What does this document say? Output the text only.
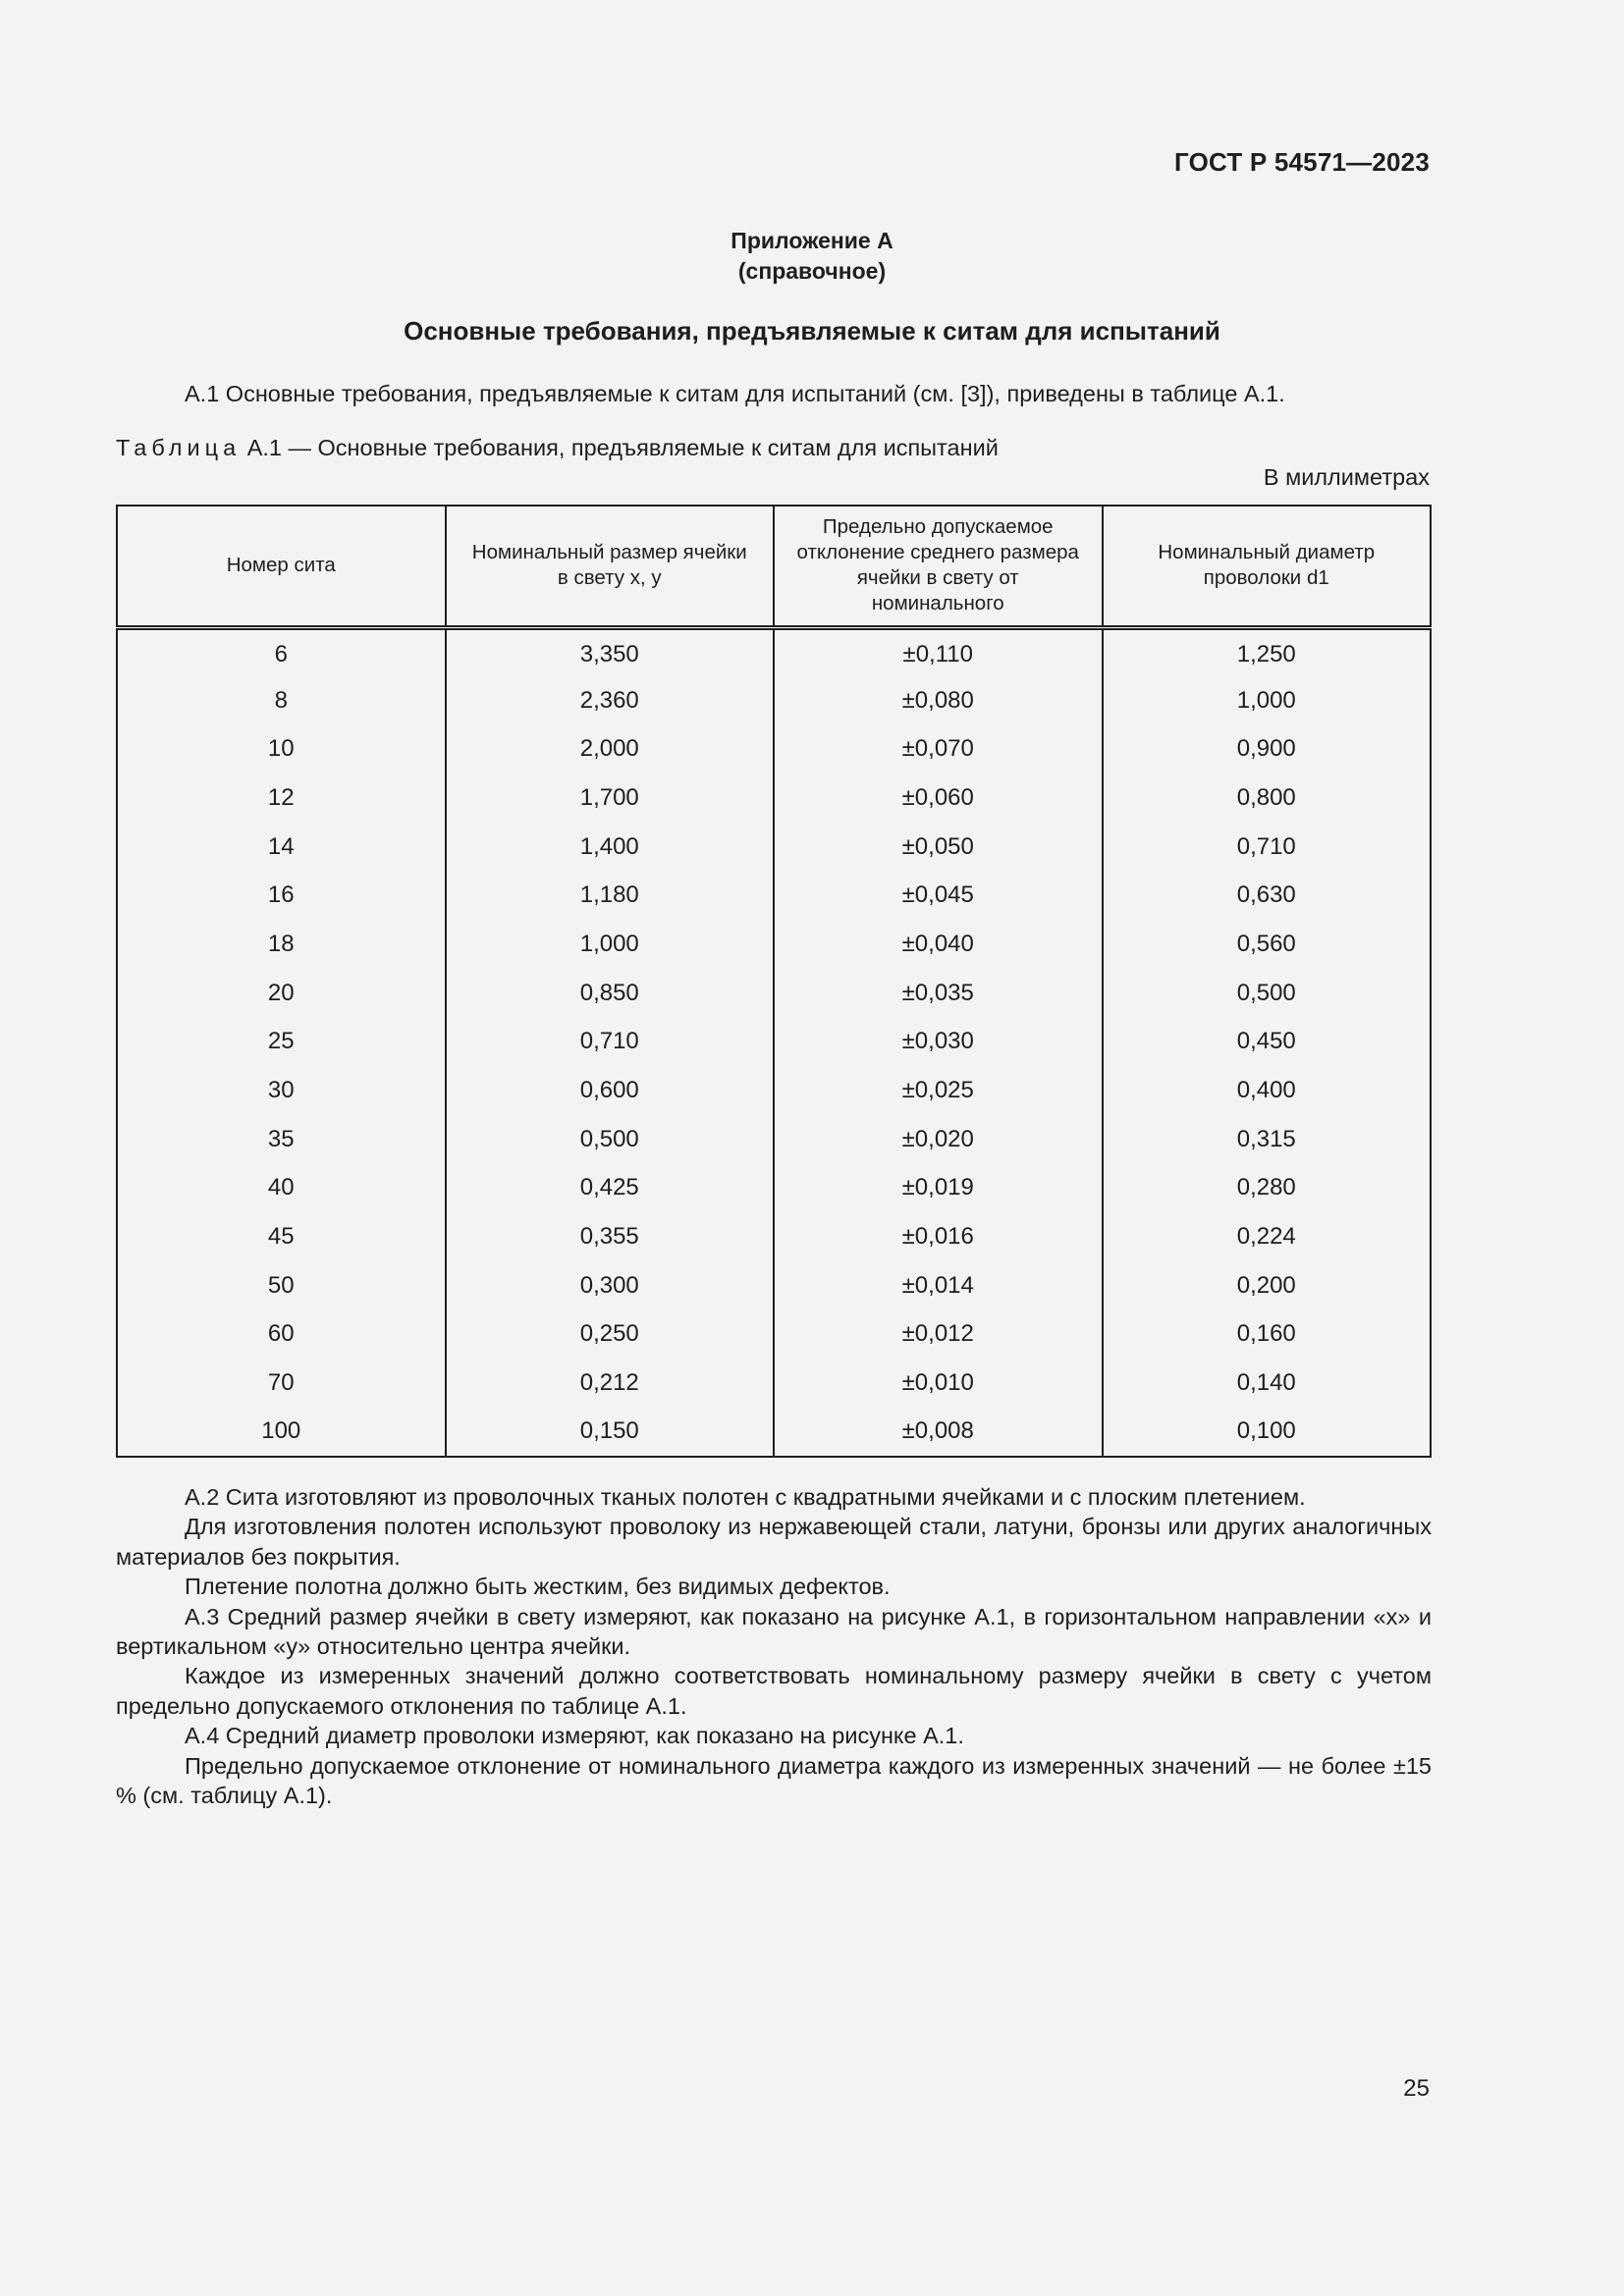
ГОСТ Р 54571—2023
Приложение А
(справочное)
Основные требования, предъявляемые к ситам для испытаний
А.1 Основные требования, предъявляемые к ситам для испытаний (см. [3]), приведены в таблице А.1.
Таблица А.1 — Основные требования, предъявляемые к ситам для испытаний
В миллиметрах
Номер сита	Номинальный размер ячейки в свету x, y	Предельно допускаемое отклонение среднего размера ячейки в свету от номинального	Номинальный диаметр проволоки d1
6	3,350	±0,110	1,250
8	2,360	±0,080	1,000
10	2,000	±0,070	0,900
12	1,700	±0,060	0,800
14	1,400	±0,050	0,710
16	1,180	±0,045	0,630
18	1,000	±0,040	0,560
20	0,850	±0,035	0,500
25	0,710	±0,030	0,450
30	0,600	±0,025	0,400
35	0,500	±0,020	0,315
40	0,425	±0,019	0,280
45	0,355	±0,016	0,224
50	0,300	±0,014	0,200
60	0,250	±0,012	0,160
70	0,212	±0,010	0,140
100	0,150	±0,008	0,100

А.2 Сита изготовляют из проволочных тканых полотен с квадратными ячейками и с плоским плетением.

Для изготовления полотен используют проволоку из нержавеющей стали, латуни, бронзы или других аналогичных материалов без покрытия.

Плетение полотна должно быть жестким, без видимых дефектов.

А.3 Средний размер ячейки в свету измеряют, как показано на рисунке А.1, в горизонтальном направлении «x» и вертикальном «y» относительно центра ячейки.

Каждое из измеренных значений должно соответствовать номинальному размеру ячейки в свету с учетом предельно допускаемого отклонения по таблице А.1.

А.4 Средний диаметр проволоки измеряют, как показано на рисунке А.1.

Предельно допускаемое отклонение от номинального диаметра каждого из измеренных значений — не более ±15 % (см. таблицу А.1).

25
